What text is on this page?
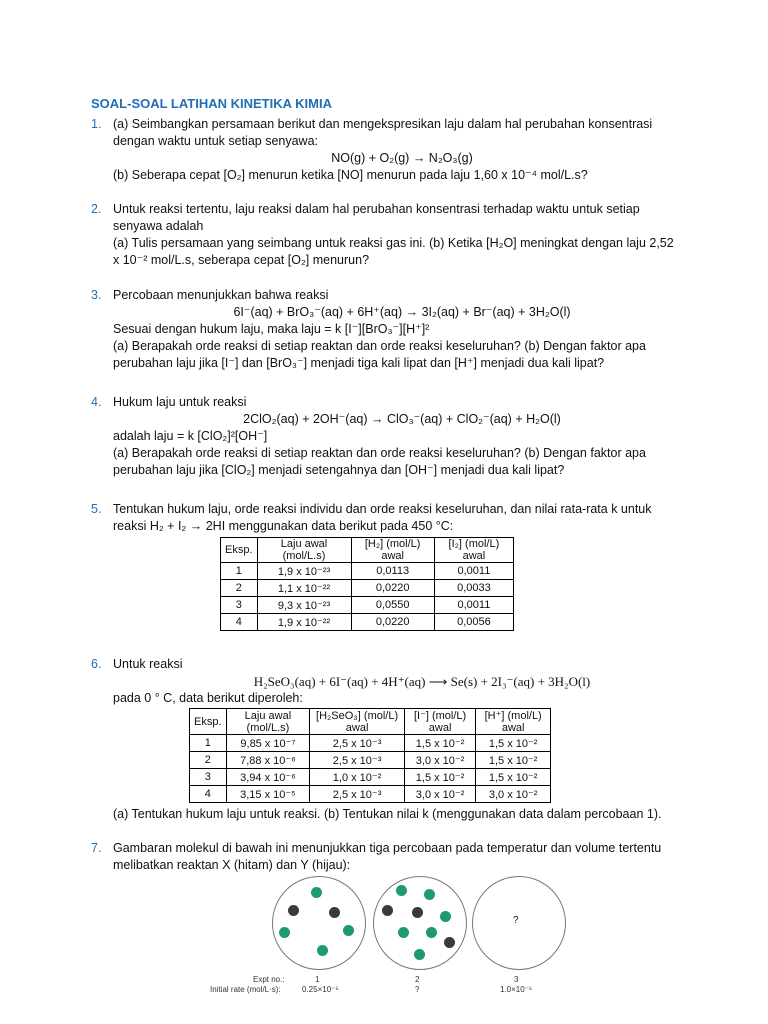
SOAL-SOAL LATIHAN KINETIKA KIMIA
1. (a) Seimbangkan persamaan berikut dan mengekspresikan laju dalam hal perubahan konsentrasi
dengan waktu untuk setiap senyawa:
NO(g) + O₂(g) → N₂O₃(g)
(b) Seberapa cepat [O₂] menurun ketika [NO] menurun pada laju 1,60 x 10⁻⁴ mol/L.s?
2. Untuk reaksi tertentu, laju reaksi dalam hal perubahan konsentrasi terhadap waktu untuk setiap
senyawa adalah
(a) Tulis persamaan yang seimbang untuk reaksi gas ini. (b) Ketika [H₂O] meningkat dengan laju 2,52
x 10⁻² mol/L.s, seberapa cepat [O₂] menurun?
3. Percobaan menunjukkan bahwa reaksi
6I⁻(aq) + BrO₃⁻(aq) + 6H⁺(aq) → 3I₂(aq) + Br⁻(aq) + 3H₂O(l)
Sesuai dengan hukum laju, maka laju = k [I⁻][BrO₃⁻][H⁺]²
(a) Berapakah orde reaksi di setiap reaktan dan orde reaksi keseluruhan? (b) Dengan faktor apa
perubahan laju jika [I⁻] dan [BrO₃⁻] menjadi tiga kali lipat dan [H⁺] menjadi dua kali lipat?
4. Hukum laju untuk reaksi
2ClO₂(aq) + 2OH⁻(aq) → ClO₃⁻(aq) + ClO₂⁻(aq) + H₂O(l)
adalah laju = k [ClO₂]²[OH⁻]
(a) Berapakah orde reaksi di setiap reaktan dan orde reaksi keseluruhan? (b) Dengan faktor apa
perubahan laju jika [ClO₂] menjadi setengahnya dan [OH⁻] menjadi dua kali lipat?
5. Tentukan hukum laju, orde reaksi individu dan orde reaksi keseluruhan, dan nilai rata-rata k untuk
reaksi H₂ + I₂ → 2HI menggunakan data berikut pada 450 °C:
Eksp.	Laju awal (mol/L.s)	[H₂] (mol/L) awal	[I₂] (mol/L) awal
1	1,9 x 10⁻²³	0,0113	0,0011
2	1,1 x 10⁻²²	0,0220	0,0033
3	9,3 x 10⁻²³	0,0550	0,0011
4	1,9 x 10⁻²²	0,0220	0,0056
6. Untuk reaksi
H₂SeO₃(aq) + 6I⁻(aq) + 4H⁺(aq) ⟶ Se(s) + 2I₃⁻(aq) + 3H₂O(l)
pada 0 ° C, data berikut diperoleh:
Eksp.	Laju awal (mol/L.s)	[H₂SeO₃] (mol/L) awal	[I⁻] (mol/L) awal	[H⁺] (mol/L) awal
1	9,85 x 10⁻⁷	2,5 x 10⁻³	1,5 x 10⁻²	1,5 x 10⁻²
2	7,88 x 10⁻⁶	2,5 x 10⁻³	3,0 x 10⁻²	1,5 x 10⁻²
3	3,94 x 10⁻⁶	1,0 x 10⁻²	1,5 x 10⁻²	1,5 x 10⁻²
4	3,15 x 10⁻⁵	2,5 x 10⁻³	3,0 x 10⁻²	3,0 x 10⁻²
(a) Tentukan hukum laju untuk reaksi. (b) Tentukan nilai k (menggunakan data dalam percobaan 1).
7. Gambaran molekul di bawah ini menunjukkan tiga percobaan pada temperatur dan volume tertentu
melibatkan reaktan X (hitam) dan Y (hijau):
?
Expt no.:
Initial rate (mol/L·s):
1	2	3
0.25×10⁻⁵	?	1.0×10⁻⁵
